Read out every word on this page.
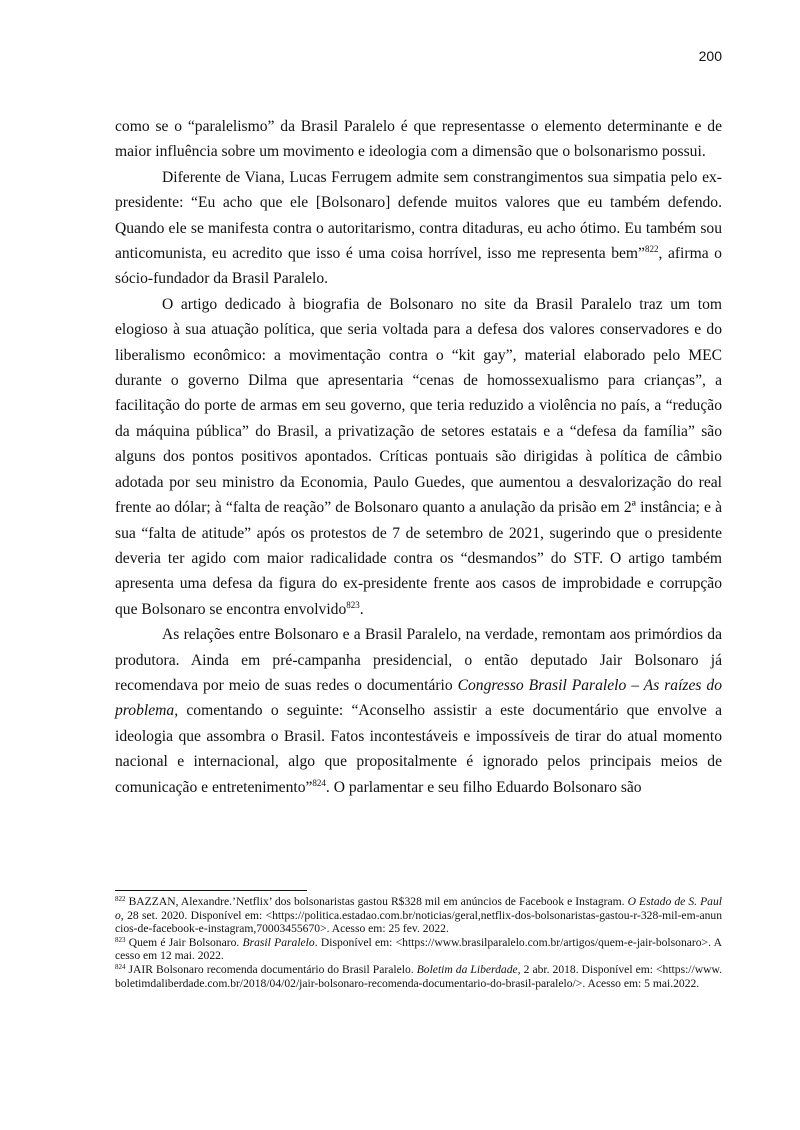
200

como se o “paralelismo” da Brasil Paralelo é que representasse o elemento determinante e de maior influência sobre um movimento e ideologia com a dimensão que o bolsonarismo possui.

Diferente de Viana, Lucas Ferrugem admite sem constrangimentos sua simpatia pelo ex-presidente: “Eu acho que ele [Bolsonaro] defende muitos valores que eu também defendo. Quando ele se manifesta contra o autoritarismo, contra ditaduras, eu acho ótimo. Eu também sou anticomunista, eu acredito que isso é uma coisa horrível, isso me representa bem”$^{822}$, afirma o sócio-fundador da Brasil Paralelo.

O artigo dedicado à biografia de Bolsonaro no site da Brasil Paralelo traz um tom elogioso à sua atuação política, que seria voltada para a defesa dos valores conservadores e do liberalismo econômico: a movimentação contra o “kit gay”, material elaborado pelo MEC durante o governo Dilma que apresentaria “cenas de homossexualismo para crianças”, a facilitação do porte de armas em seu governo, que teria reduzido a violência no país, a “redução da máquina pública” do Brasil, a privatização de setores estatais e a “defesa da família” são alguns dos pontos positivos apontados. Críticas pontuais são dirigidas à política de câmbio adotada por seu ministro da Economia, Paulo Guedes, que aumentou a desvalorização do real frente ao dólar; à “falta de reação” de Bolsonaro quanto a anulação da prisão em 2ª instância; e à sua “falta de atitude” após os protestos de 7 de setembro de 2021, sugerindo que o presidente deveria ter agido com maior radicalidade contra os “desmandos” do STF. O artigo também apresenta uma defesa da figura do ex-presidente frente aos casos de improbidade e corrupção que Bolsonaro se encontra envolvido$^{823}$.

As relações entre Bolsonaro e a Brasil Paralelo, na verdade, remontam aos primórdios da produtora. Ainda em pré-campanha presidencial, o então deputado Jair Bolsonaro já recomendava por meio de suas redes o documentário Congresso Brasil Paralelo – As raízes do problema, comentando o seguinte: “Aconselho assistir a este documentário que envolve a ideologia que assombra o Brasil. Fatos incontestáveis e impossíveis de tirar do atual momento nacional e internacional, algo que propositalmente é ignorado pelos principais meios de comunicação e entretenimento”$^{824}$. O parlamentar e seu filho Eduardo Bolsonaro são

$^{822}$ BAZZAN, Alexandre.’Netflix’ dos bolsonaristas gastou R$328 mil em anúncios de Facebook e Instagram. O Estado de S. Paulo, 28 set. 2020. Disponível em: <https://politica.estadao.com.br/noticias/geral,netflix-dos-bolsonaristas-gastou-r-328-mil-em-anuncios-de-facebook-e-instagram,70003455670>. Acesso em: 25 fev. 2022.

$^{823}$ Quem é Jair Bolsonaro. Brasil Paralelo. Disponível em: <https://www.brasilparalelo.com.br/artigos/quem-e-jair-bolsonaro>. Acesso em 12 mai. 2022.

$^{824}$ JAIR Bolsonaro recomenda documentário do Brasil Paralelo. Boletim da Liberdade, 2 abr. 2018. Disponível em: <https://www.boletimdaliberdade.com.br/2018/04/02/jair-bolsonaro-recomenda-documentario-do-brasil-paralelo/>. Acesso em: 5 mai.2022.
